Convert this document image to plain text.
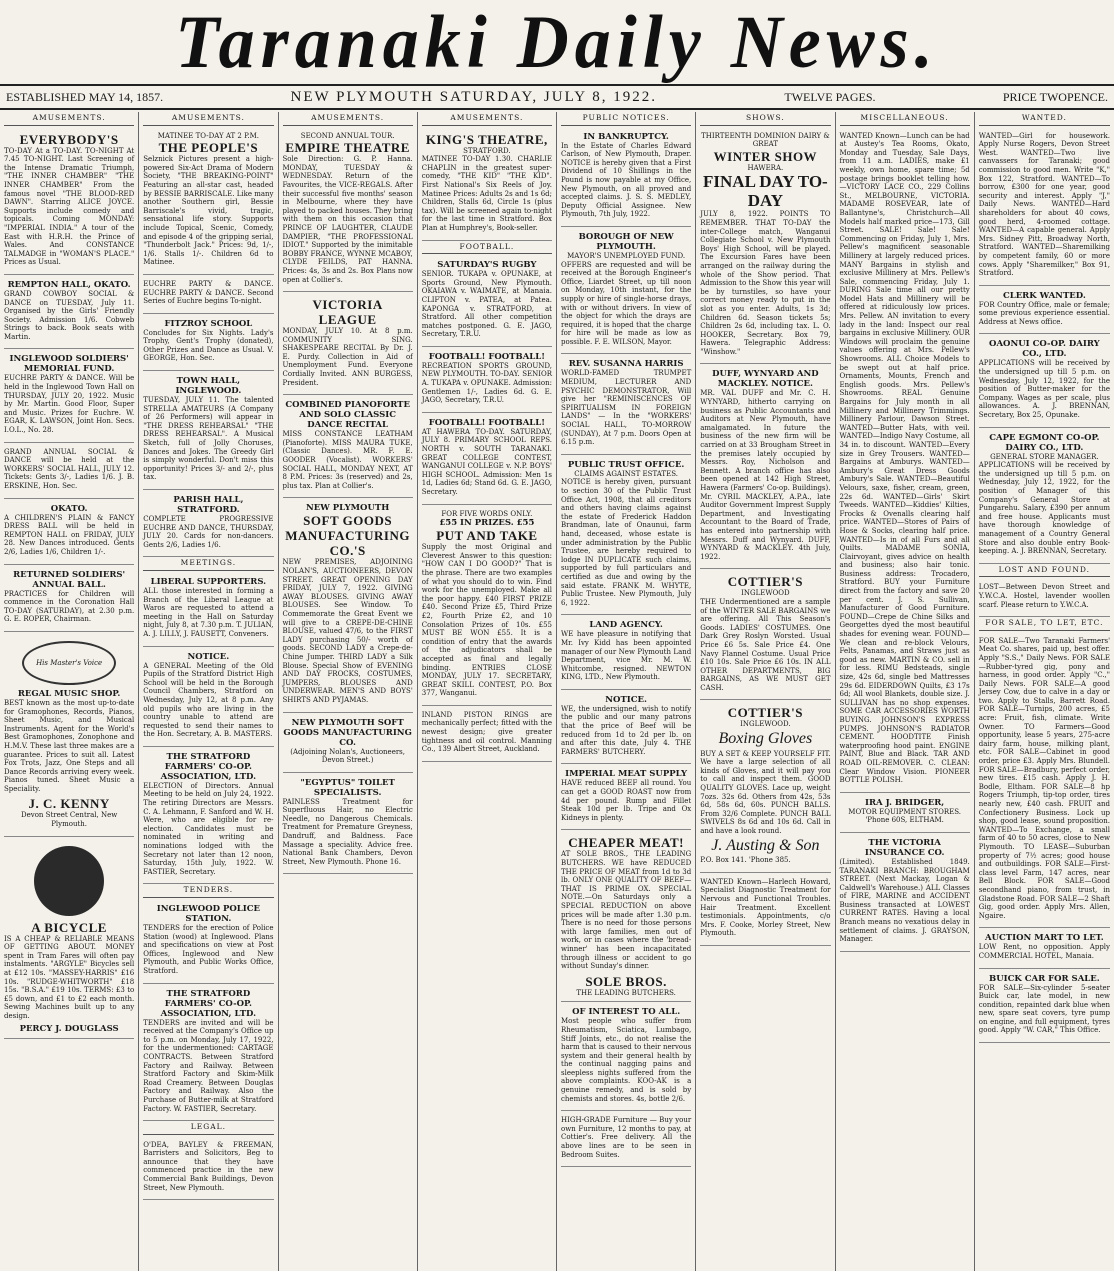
Taranaki Daily News.
ESTABLISHED MAY 14, 1857.	NEW PLYMOUTH SATURDAY, JULY 8, 1922.	TWELVE PAGES.	PRICE TWOPENCE.
AMUSEMENTS.
EVERYBODY'S

TO-DAY At a TO-DAY. TO-NIGHT At 7.45 TO-NIGHT. Last Screening of the Intense Dramatic Triumph, "THE INNER CHAMBER" "THE INNER CHAMBER" From the famous novel "THE BLOOD-RED DAWN". Starring ALICE JOYCE. Supports include comedy and topicals. Coming MONDAY: "IMPERIAL INDIA." A tour of the East with H.R.H. the Prince of Wales. And CONSTANCE TALMADGE in "WOMAN'S PLACE." Prices as Usual.

REMPTON HALL, OKATO.

GRAND COWBOY SOCIAL & DANCE on TUESDAY, July 11. Organised by the Girls' Friendly Society. Admission 1/6. Cobweb Strings to back. Book seats with Martin.

INGLEWOOD SOLDIERS' MEMORIAL FUND.

EUCHRE PARTY & DANCE. Will be held in the Inglewood Town Hall on THURSDAY, JULY 20, 1922. Music by Mr. Martin. Good Floor, Super and Music. Prizes for Euchre. W. EGAR, K. LAWSON, Joint Hon. Secs. I.O.L., No. 28.

GRAND ANNUAL SOCIAL & DANCE will be held at the WORKERS' SOCIAL HALL, JULY 12. Tickets: Gents 3/-, Ladies 1/6. J. B. ERSKINE, Hon. Sec.

OKATO.

A CHILDREN'S PLAIN & FANCY DRESS BALL will be held in REMPTON HALL on FRIDAY, JULY 28. New Dances introduced. Gents 2/6, Ladies 1/6, Children 1/-.

RETURNED SOLDIERS' ANNUAL BALL.

PRACTICES for Children will commence in the Coronation Hall TO-DAY (SATURDAY), at 2.30 p.m. G. E. ROPER, Chairman.

His Master's Voice
REGAL MUSIC SHOP.

BEST known as the most up-to-date for Gramophones, Records, Pianos, Sheet Music, and Musical Instruments. Agent for the World's Best Gramophones, Zonophone and H.M.V. These last three makes are a guarantee. Prices to suit all. Latest Fox Trots, Jazz, One Steps and all Dance Records arriving every week. Pianos tuned. Sheet Music a Speciality.

J. C. KENNY

Devon Street Central, New Plymouth.

A BICYCLE

IS A CHEAP & RELIABLE MEANS OF GETTING ABOUT. MONEY spent in Tram Fares will often pay instalments. "ARGYLE" Bicycles sell at £12 10s. "MASSEY-HARRIS" £16 10s. "RUDGE-WHITWORTH" £18 15s. "B.S.A." £19 10s. TERMS: £3 to £5 down, and £1 to £2 each month. Sewing Machines built up to any design.

PERCY J. DOUGLASS
AMUSEMENTS.
MATINEE TO-DAY AT 2 P.M.
THE PEOPLE'S

Selznick Pictures present a high-powered Six-Act Drama of Modern Society, "THE BREAKING-POINT" Featuring an all-star cast, headed by BESSIE BARRISCALE. Like many another Southern girl, Bessie Barriscale's vivid, tragic, sensational life story. Supports include Topical, Scenic, Comedy, and episode 4 of the gripping serial, "Thunderbolt Jack." Prices: 9d, 1/-, 1/6. Stalls 1/-. Children 6d to Matinee.

EUCHRE PARTY & DANCE. EUCHRE PARTY & DANCE. Second Series of Euchre begins To-night.

FITZROY SCHOOL

Concludes for Six Nights. Lady's Trophy, Gent's Trophy (donated), Other Prizes and Dance as Usual. V. GEORGE, Hon. Sec.

TOWN HALL, INGLEWOOD.

TUESDAY, JULY 11. The talented STRELLA AMATEURS (A Company of 26 Performers) will appear in "THE DRESS REHEARSAL" "THE DRESS REHEARSAL". A Musical Sketch, full of Jolly Choruses, Dances and Jokes. The Greedy Girl is simply wonderful. Don't miss this opportunity! Prices 3/- and 2/-, plus tax.

PARISH HALL, STRATFORD.

COMPLETE PROGRESSIVE EUCHRE AND DANCE, THURSDAY, JULY 20. Cards for non-dancers. Gents 2/6, Ladies 1/6.

MEETINGS.
LIBERAL SUPPORTERS.

ALL those interested in forming a Branch of the Liberal League at Waros are requested to attend a meeting in the Hall on Saturday night, July 8, at 7.30 p.m. T. JULIAN, A. J. LILLY, J. FAUSETT, Conveners.

NOTICE.

A GENERAL Meeting of the Old Pupils of the Stratford District High School will be held in the Borough Council Chambers, Stratford on Wednesday, July 12, at 8 p.m. Any old pupils who are living in the country unable to attend are requested to send their names to the Hon. Secretary, A. B. MASTERS.

THE STRATFORD FARMERS' CO-OP. ASSOCIATION, LTD.

ELECTION of Directors. Annual Meeting to be held on July 24, 1922. The retiring Directors are Messrs. C. A. Lehmann, F. Sanford and W. H. Were, who are eligible for re-election. Candidates must be nominated in writing and nominations lodged with the Secretary not later than 12 noon, Saturday, 15th July, 1922. W. FASTIER, Secretary.

TENDERS.
INGLEWOOD POLICE STATION.

TENDERS for the erection of Police Station (wood) at Inglewood. Plans and specifications on view at Post Offices, Inglewood and New Plymouth, and Public Works Office, Stratford.

THE STRATFORD FARMERS' CO-OP. ASSOCIATION, LTD.

TENDERS are invited and will be received at the Company's Office up to 5 p.m. on Monday, July 17, 1922, for the undermentioned: CARTAGE CONTRACTS. Between Stratford Factory and Railway. Between Stratford Factory and Skim-Milk Road Creamery. Between Douglas Factory and Railway. Also the Purchase of Butter-milk at Stratford Factory. W. FASTIER, Secretary.

LEGAL.

O'DEA, BAYLEY & FREEMAN, Barristers and Solicitors, Beg to announce that they have commenced practice in the new Commercial Bank Buildings, Devon Street, New Plymouth.

AMUSEMENTS.
SECOND ANNUAL TOUR.
EMPIRE THEATRE

Sole Direction: G. P. Hanna. MONDAY, TUESDAY & WEDNESDAY. Return of the Favourites, the VICE-REGALS. After their successful five months' season in Melbourne, where they have played to packed houses. They bring with them on this occasion that PRINCE OF LAUGHTER, CLAUDE DAMPIER, "THE PROFESSIONAL IDIOT." Supported by the inimitable BOBBY FRANCE, WYNNE MCABOY, CLYDE FEILDS, PAT HANNA. Prices: 4s, 3s and 2s. Box Plans now open at Collier's.

VICTORIA LEAGUE

MONDAY, JULY 10. At 8 p.m. COMMUNITY SING. SHAKESPEARE RECITAL By Dr. J. E. Purdy. Collection in Aid of Unemployment Fund. Everyone Cordially Invited. ANN BURGESS, President.

COMBINED PIANOFORTE AND SOLO CLASSIC DANCE RECITAL

MISS CONSTANCE LEATHAM (Pianoforte). MISS MAURA TUKE, (Classic Dances). MR. F. E. GOODER (Vocalist). WORKERS' SOCIAL HALL, MONDAY NEXT, AT 8 P.M. Prices: 3s (reserved) and 2s, plus tax. Plan at Collier's.

NEW PLYMOUTH
SOFT GOODS MANUFACTURING CO.'S

NEW PREMISES, ADJOINING NOLAN'S, AUCTIONEERS, DEVON STREET. GREAT OPENING DAY FRIDAY, JULY 7, 1922. GIVING AWAY BLOUSES. GIVING AWAY BLOUSES. See Window. To Commemorate the Great Event we will give to a CREPE-DE-CHINE BLOUSE, valued 47/6, to the FIRST LADY purchasing 50/- worth of goods. SECOND LADY a Crepe-de-Chine Jumper. THIRD LADY a Silk Blouse. Special Show of EVENING AND DAY FROCKS, COSTUMES, JUMPERS, BLOUSES AND UNDERWEAR. MEN'S AND BOYS' SHIRTS AND PYJAMAS.

NEW PLYMOUTH SOFT GOODS MANUFACTURING CO.

(Adjoining Nolan's, Auctioneers, Devon Street.)

"EGYPTUS" TOILET SPECIALISTS.

PAINLESS Treatment for Superfluous Hair, no Electric Needle, no Dangerous Chemicals. Treatment for Premature Greyness, Dandruff, and Baldness. Face Massage a speciality. Advice free. National Bank Chambers, Devon Street, New Plymouth. Phone 16.

AMUSEMENTS.
KING'S THEATRE,
STRATFORD.

MATINEE TO-DAY 1.30. CHARLIE CHAPLIN in the greatest super-comedy, "THE KID" "THE KID". First National's Six Reels of Joy. Matinee Prices: Adults 2s and 1s 6d; Children, Stalls 6d, Circle 1s (plus tax). Will be screened again to-night for the last time in Stratford. Box Plan at Humphrey's, Book-seller.

FOOTBALL.
SATURDAY'S RUGBY

SENIOR. TUKAPA v. OPUNAKE, at Sports Ground, New Plymouth. OKAIAWA v. WAIMATE, at Manaia. CLIFTON v. PATEA, at Patea. KAPONGA v. STRATFORD, at Stratford. All other competition matches postponed. G. E. JAGO, Secretary, T.R.U.

FOOTBALL! FOOTBALL!

RECREATION SPORTS GROUND, NEW PLYMOUTH. TO-DAY. SENIOR A. TUKAPA v. OPUNAKE. Admission: Gentlemen 1/-, Ladies 6d. G. E. JAGO, Secretary, T.R.U.

FOOTBALL! FOOTBALL!

AT HAWERA TO-DAY. SATURDAY, JULY 8. PRIMARY SCHOOL REPS. NORTH v. SOUTH TARANAKI. GREAT COLLEGE CONTEST, WANGANUI COLLEGE v. N.P. BOYS' HIGH SCHOOL. Admission: Men 1s 1d, Ladies 6d; Stand 6d. G. E. JAGO, Secretary.

FOR FIVE WORDS ONLY.
£55 IN PRIZES. £55
PUT AND TAKE

Supply the most Original and Cleverest Answer to this question: "HOW CAN I DO GOOD?" That is the phrase. There are two examples of what you should do to win. Find work for the unemployed. Make all the poor happy. £40 FIRST PRIZE £40. Second Prize £5, Third Prize £2, Fourth Prize £2, and 10 Consolation Prizes of 10s. £55 MUST BE WON £55. It is a condition of entry that the awards of the adjudicators shall be accepted as final and legally binding. ENTRIES CLOSE MONDAY, JULY 17. SECRETARY, GREAT SKILL CONTEST, P.O. Box 377, Wanganui.

INLAND PISTON RINGS are mechanically perfect; fitted with the newest design; give greater tightness and oil control. Manning Co., 139 Albert Street, Auckland.

PUBLIC NOTICES.
IN BANKRUPTCY.

In the Estate of Charles Edward Carlson, of New Plymouth, Draper. NOTICE is hereby given that a First Dividend of 10 Shillings in the Pound is now payable at my Office, New Plymouth, on all proved and accepted claims. J. S. S. MEDLEY, Deputy Official Assignee. New Plymouth, 7th July, 1922.

BOROUGH OF NEW PLYMOUTH.
MAYOR'S UNEMPLOYED FUND.

OFFERS are requested and will be received at the Borough Engineer's Office, Liardet Street, up till noon on Monday, 10th instant, for the supply or hire of single-horse drays, with or without drivers. In view of the object for which the drays are required, it is hoped that the charge for hire will be made as low as possible. F. E. WILSON, Mayor.

REV. SUSANNA HARRIS

WORLD-FAMED TRUMPET MEDIUM, LECTURER AND PSYCHIC DEMONSTRATOR, Will give her "REMINISCENCES OF SPIRITUALISM IN FOREIGN LANDS" — In the "WORKERS' SOCIAL HALL, TO-MORROW (SUNDAY), At 7 p.m. Doors Open at 6.15 p.m.

PUBLIC TRUST OFFICE.
CLAIMS AGAINST ESTATES.

NOTICE is hereby given, pursuant to section 30 of the Public Trust Office Act, 1908, that all creditors and others having claims against the estate of Frederick Haddon Brandman, late of Onaunui, farm hand, deceased, whose estate is under administration by the Public Trustee, are hereby required to lodge IN DUPLICATE such claims, supported by full particulars and certified as due and owing by the said estate. FRANK M. WHYTE, Public Trustee. New Plymouth, July 6, 1922.

LAND AGENCY.

WE have pleasure in notifying that Mr. Ivy Kidd has been appointed manager of our New Plymouth Land Department, vice Mr. M. W. Whitcombe, resigned. NEWTON KING, LTD., New Plymouth.

NOTICE.

WE, the undersigned, wish to notify the public and our many patrons that the price of Beef will be reduced from 1d to 2d per lb. on and after this date, July 4. THE FARMERS' BUTCHERY.

IMPERIAL MEAT SUPPLY

HAVE reduced BEEF all round. You can get a GOOD ROAST now from 4d per pound. Rump and Fillet Steak 10d per lb. Tripe and Ox Kidneys in plenty.

CHEAPER MEAT!

AT SOLE BROS., THE LEADING BUTCHERS. WE have REDUCED THE PRICE OF MEAT from 1d to 3d lb. ONLY ONE QUALITY OF BEEF—THAT IS PRIME OX. SPECIAL NOTE.—On Saturdays only a SPECIAL REDUCTION on above prices will be made after 1.30 p.m. There is no need for those persons with large families, men out of work, or in cases where the 'bread-winner' has been incapacitated through illness or accident to go without Sunday's dinner.

SOLE BROS.
THE LEADING BUTCHERS.
OF INTEREST TO ALL.

Most people who suffer from Rheumatism, Sciatica, Lumbago, Stiff Joints, etc., do not realise the harm that is caused to their nervous system and their general health by the continual nagging pains and sleepless nights suffered from the above complaints. KOO-AK is a genuine remedy, and is sold by chemists and stores. 4s, bottle 2/6.

HIGH-GRADE Furniture — Buy your own Furniture, 12 months to pay, at Cottier's. Free delivery. All the above lines are to be seen in Bedroom Suites.

SHOWS.
THIRTEENTH DOMINION DAIRY & GREAT
WINTER SHOW
HAWERA.
FINAL DAY TO-DAY

JULY 8, 1922. POINTS TO REMEMBER. THAT TO-DAY the inter-College match, Wanganui Collegiate School v. New Plymouth Boys' High School, will be played. The Excursion Fares have been arranged on the railway during the whole of the Show period. That Admission to the Show this year will be by turnstiles, so have your correct money ready to put in the slot as you enter. Adults, 1s 3d; Children 6d. Season tickets 5s; Children 2s 6d, including tax. L. O. HOOKER, Secretary. Box 79, Hawera. Telegraphic Address: "Winshow."

DUFF, WYNYARD AND MACKLEY. NOTICE.

MR. VAL DUFF and Mr. C. H. WYNYARD, hitherto carrying on business as Public Accountants and Auditors at New Plymouth, have amalgamated. In future the business of the new firm will be carried on at 33 Brougham Street in the premises lately occupied by Messrs. Roy, Nicholson and Bennett. A branch office has also been opened at 142 High Street, Hawera (Farmers' Co-op. Buildings). Mr. CYRIL MACKLEY, A.P.A., late Auditor Government Imprest Supply Department, and Investigating Accountant to the Board of Trade, has entered into partnership with Messrs. Duff and Wynyard. DUFF, WYNYARD & MACKLEY. 4th July, 1922.

COTTIER'S
INGLEWOOD

THE Undermentioned are a sample of the WINTER SALE BARGAINS we are offering. All This Season's Goods. LADIES' COSTUMES. One Dark Grey Roslyn Worsted. Usual Price £6 5s. Sale Price £4. One Navy Flannel Costume. Usual Price £10 10s. Sale Price £6 10s. IN ALL OTHER DEPARTMENTS, BIG BARGAINS, AS WE MUST GET CASH.

COTTIER'S
INGLEWOOD.
Boxing Gloves

BUY A SET & KEEP YOURSELF FIT. We have a large selection of all kinds of Gloves, and it will pay you to call and inspect them. GOOD QUALITY GLOVES. Lace up, weight 7ozs. 32s 6d. Others from 42s, 53s 6d, 58s 6d, 60s. PUNCH BALLS. From 32/6 Complete. PUNCH BALL SWIVELS 8s 6d and 10s 6d. Call in and have a look round.

J. Austing & Son

P.O. Box 141. 'Phone 385.

WANTED Known—Harlech Howard, Specialist Diagnostic Treatment for Nervous and Functional Troubles. Hair Treatment. Excellent testimonials. Appointments, c/o Mrs. F. Cooke, Morley Street, New Plymouth.

MISCELLANEOUS.

WANTED Known—Lunch can be had at Austey's Tea Rooms, Okato, Monday and Tuesday, Sale Days, from 11 a.m. LADIES, make £1 weekly, own home, spare time; 5d postage brings booklet telling how.—VICTORY LACE CO., 229 Collins St., MELBOURNE, VICTORIA. MADAME ROSEVEAR, late of Ballantyne's, Christchurch—All Models half marked price—173, Gill Street. SALE! Sale! Sale! Commencing on Friday, July 1, Mrs. Pellew's magnificent seasonable Millinery at largely reduced prices. MANY Bargains in stylish and exclusive Millinery at Mrs. Pellew's Sale, commencing Friday, July 1. DURING Sale time all our pretty Model Hats and Millinery will be offered at ridiculously low prices. Mrs. Pellew. AN invitation to every lady in the land: Inspect our real bargains in exclusive Millinery. OUR Windows will proclaim the genuine values offering at Mrs. Pellew's Showrooms. ALL Choice Models to be swept out at half price. Ornaments, Mounts, French and English goods. Mrs. Pellew's Showrooms. REAL Genuine Bargains for July month in all Millinery and Millinery Trimmings. Millinery Parlour, Dawson Street. WANTED—Butter Hats, with veil. WANTED—Indigo Navy Costume, all 34 in. to discount. WANTED—Every size in Grey Trousers. WANTED—Bargains at Amburys. WANTED—Ambury's Great Dress Goods Ambury's Sale. WANTED—Beautiful Velours, saxe, fisher, cream, green, 22s 6d. WANTED—Girls' Skirt Tweeds. WANTED—Kiddies' Kilties, Frocks & Ovenalls clearing half price. WANTED—Stores of Pairs of Hose & Socks, clearing half price. WANTED—Is in of all Furs and all Quilts. MADAME SONIA, Clairvoyant, gives advice on health and business; also hair tonic. Business address: Trocadero, Stratford. BUY your Furniture direct from the factory and save 20 per cent. J. S. Sullivan, Manufacturer of Good Furniture. FOUND—Crepe de Chine Silks and Georgettes dyed the most beautiful shades for evening wear. FOUND—We clean and re-block Velours, Felts, Panamas, and Straws just as good as new. MARTIN & CO. sell in for less. RIMU Bedsteads, single size, 42s 6d, single bed Mattresses 29s 6d. EIDERDOWN Quilts, £3 17s 6d; All wool Blankets, double size. J. SULLIVAN has no shop expenses. SOME CAR ACCESSORIES WORTH BUYING. JOHNSON'S EXPRESS PUMPS. JOHNSON'S RADIATOR CEMENT. HOODTITE Finish waterproofing hood paint. ENGINE PAINT, Blue and Black. TAR AND ROAD OIL-REMOVER. C. CLEAN: Clear Window Vision. PIONEER BOTTLE POLISH.

IRA J. BRIDGER,

MOTOR EQUIPMENT STORES. 'Phone 60S, ELTHAM.

THE VICTORIA INSURANCE CO.

(Limited). Established 1849. TARANAKI BRANCH: BROUGHAM STREET. (Next Mackay, Logan & Caldwell's Warehouse.) ALL Classes of FIRE, MARINE and ACCIDENT Business transacted at LOWEST CURRENT RATES. Having a local Branch means no vexatious delay in settlement of claims. J. GRAYSON, Manager.

WANTED.

WANTED—Girl for housework. Apply Nurse Rogers, Devon Street West. WANTED—Two live canvassers for Taranaki; good commission to good men. Write "K," Box 122, Stratford. WANTED—To borrow, £300 for one year, good security and interest. Apply "J," Daily News. WANTED—Hard shareholders for about 40 cows, good herd, 4-roomed cottage. WANTED—A capable general. Apply Mrs. Sidney Pitt, Broadway North, Stratford. WANTED—Sharemilking by competent family, 60 or more cows. Apply "Sharemilker," Box 91, Stratford.

CLERK WANTED.

FOR Country Office, male or female; some previous experience essential. Address at News office.

OAONUI CO-OP. DAIRY CO., LTD.

APPLICATIONS will be received by the undersigned up till 5 p.m. on Wednesday, July 12, 1922, for the position of Butter-maker for the Company. Wages as per scale, plus allowances. A. J. BRENNAN, Secretary, Box 25, Opunake.

CAPE EGMONT CO-OP. DAIRY CO., LTD.
GENERAL STORE MANAGER.

APPLICATIONS will be received by the undersigned up till 5 p.m. on Wednesday, July 12, 1922, for the position of Manager of this Company's General Store at Pungarehu. Salary, £390 per annum and free house. Applicants must have thorough knowledge of management of a Country General Store and also double entry Book-keeping. A. J. BRENNAN, Secretary.

LOST AND FOUND.

LOST—Between Devon Street and Y.W.C.A. Hostel, lavender woollen scarf. Please return to Y.W.C.A.

FOR SALE, TO LET, ETC.

FOR SALE—Two Taranaki Farmers' Meat Co. shares, paid up, best offer. Apply "S.S.," Daily News. FOR SALE—Rubber-tyred gig, pony and harness, in good order. Apply "C.," Daily News. FOR SALE—A good Jersey Cow, due to calve in a day or two. Apply to Stalls, Barrett Road. FOR SALE—Turnips, 200 acres, £5 acre: Fruit, fish, climate. Write Owner. TO Farmers—Good opportunity, lease 5 years, 275-acre dairy farm, house, milking plant, etc. FOR SALE—Cabinet in good order, price £3. Apply Mrs. Blundell. FOR SALE—Bradbury, perfect order, new tires. £15 cash. Apply J. H. Bodle, Eltham. FOR SALE—8 hp Rogers Triumph, tip-top order, tires nearly new, £40 cash. FRUIT and Confectionery Business. Lock up shop, good lease, sound proposition. WANTED—To Exchange, a small farm of 40 to 50 acres, close to New Plymouth. TO LEASE—Suburban property of 7½ acres; good house and outbuildings. FOR SALE—First-class level Farm, 147 acres, near Bell Block. FOR SALE—Good secondhand piano, from trust, in Gladstone Road. FOR SALE—2 Shaft Gig, good order. Apply Mrs. Allen, Ngaire.

AUCTION MART TO LET.

LOW Rent, no opposition. Apply COMMERCIAL HOTEL, Manaia.

BUICK CAR FOR SALE.

FOR SALE—Six-cylinder 5-seater Buick car, late model, in new condition, repainted dark blue when new, spare seat covers, tyre pump on engine, and full equipment, tyres good. Apply "W. CAR," This Office.
